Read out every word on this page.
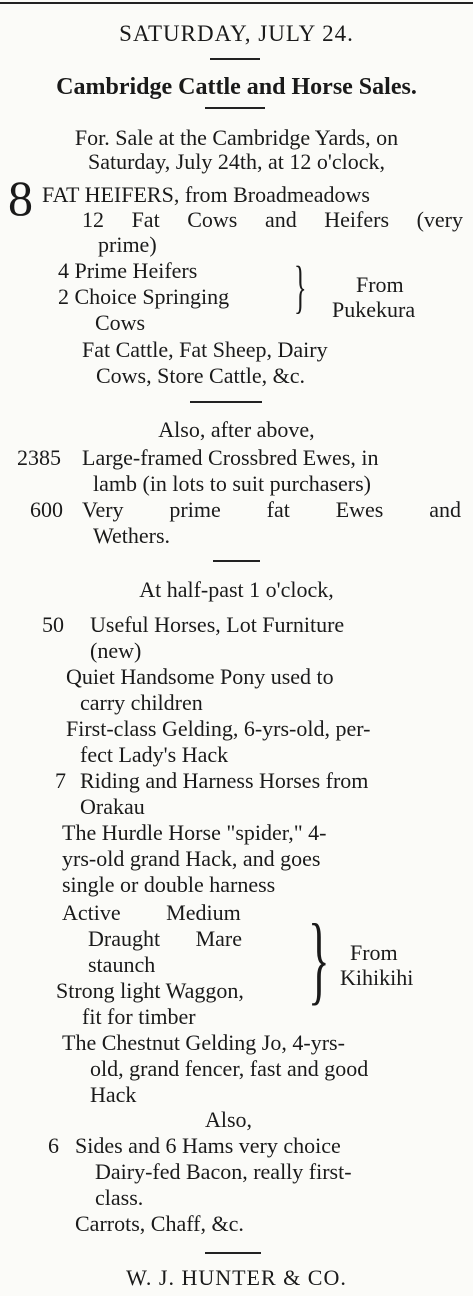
SATURDAY, JULY 24.
Cambridge Cattle and Horse Sales.
For. Sale at the Cambridge Yards, on
Saturday, July 24th, at 12 o'clock,
8 FAT HEIFERS, from Broadmeadows
12 Fat Cows and Heifers (very
prime)
4 Prime Heifers
2 Choice Springing
Cows
} From
Pukekura
Fat Cattle, Fat Sheep, Dairy
Cows, Store Cattle, &c.
Also, after above,
2385 Large-framed Crossbred Ewes, in
lamb (in lots to suit purchasers)
600 Very prime fat Ewes and
Wethers.
At half-past 1 o'clock,
50 Useful Horses, Lot Furniture
(new)
Quiet Handsome Pony used to
carry children
First-class Gelding, 6-yrs-old, per-
fect Lady's Hack
7 Riding and Harness Horses from
Orakau
The Hurdle Horse "spider," 4-
yrs-old grand Hack, and goes
single or double harness
Active Medium
Draught Mare
staunch
Strong light Waggon,
fit for timber
} From
Kihikihi
The Chestnut Gelding Jo, 4-yrs-
old, grand fencer, fast and good
Hack
Also,
6 Sides and 6 Hams very choice
Dairy-fed Bacon, really first-
class.
Carrots, Chaff, &c.
W. J. HUNTER & CO.
